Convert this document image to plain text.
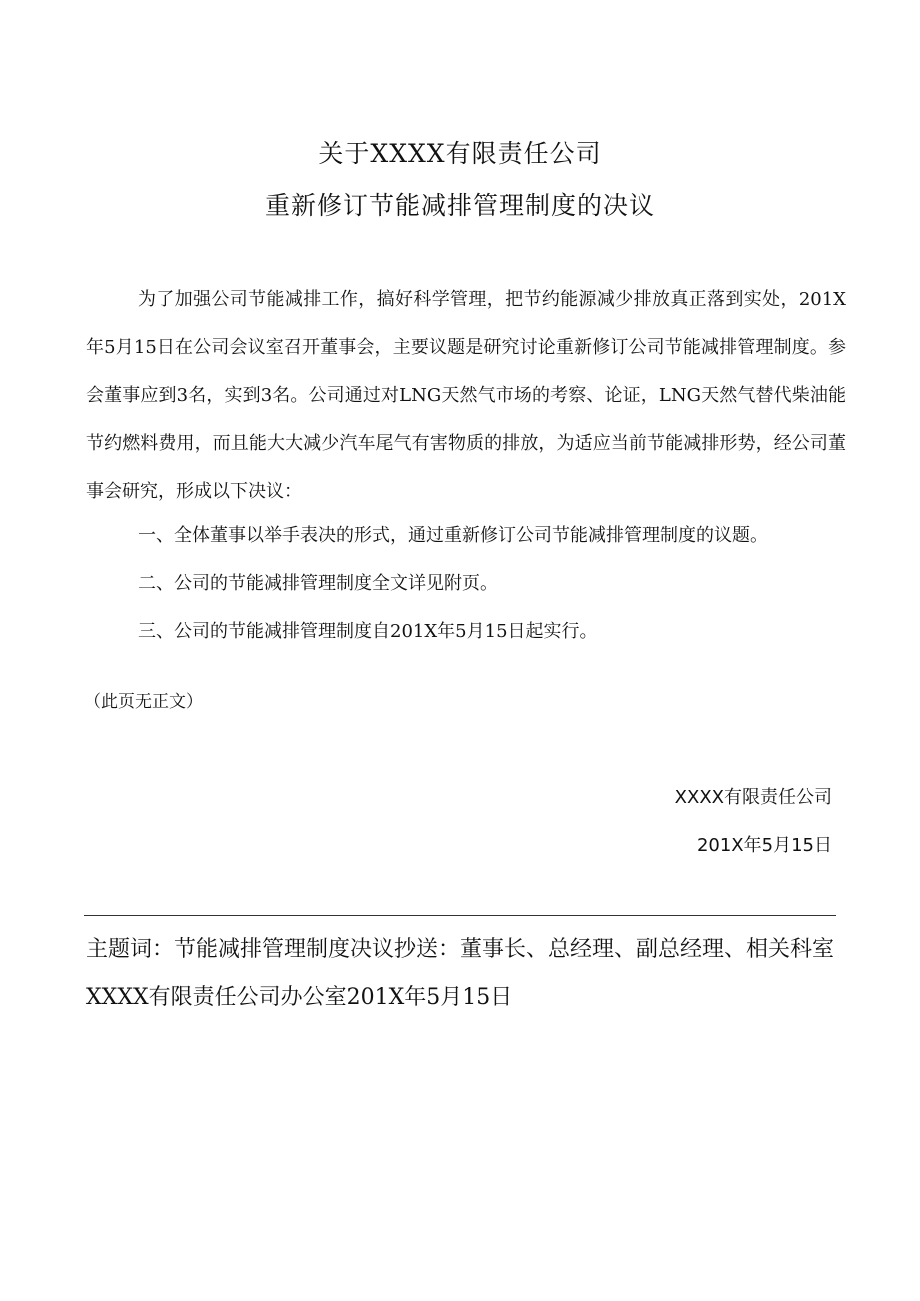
关于XXXX有限责任公司
重新修订节能减排管理制度的决议

为了加强公司节能减排工作，搞好科学管理，把节约能源减少排放真正落到实处，201X年5月15日在公司会议室召开董事会，主要议题是研究讨论重新修订公司节能减排管理制度。参会董事应到3名，实到3名。公司通过对LNG天然气市场的考察、论证，LNG天然气替代柴油能节约燃料费用，而且能大大减少汽车尾气有害物质的排放，为适应当前节能减排形势，经公司董事会研究，形成以下决议：

一、全体董事以举手表决的形式，通过重新修订公司节能减排管理制度的议题。

二、公司的节能减排管理制度全文详见附页。

三、公司的节能减排管理制度自201X年5月15日起实行。

（此页无正文）

XXXX有限责任公司

201X年5月15日

主题词：节能减排管理制度决议抄送：董事长、总经理、副总经理、相关科室XXXX有限责任公司办公室201X年5月15日
